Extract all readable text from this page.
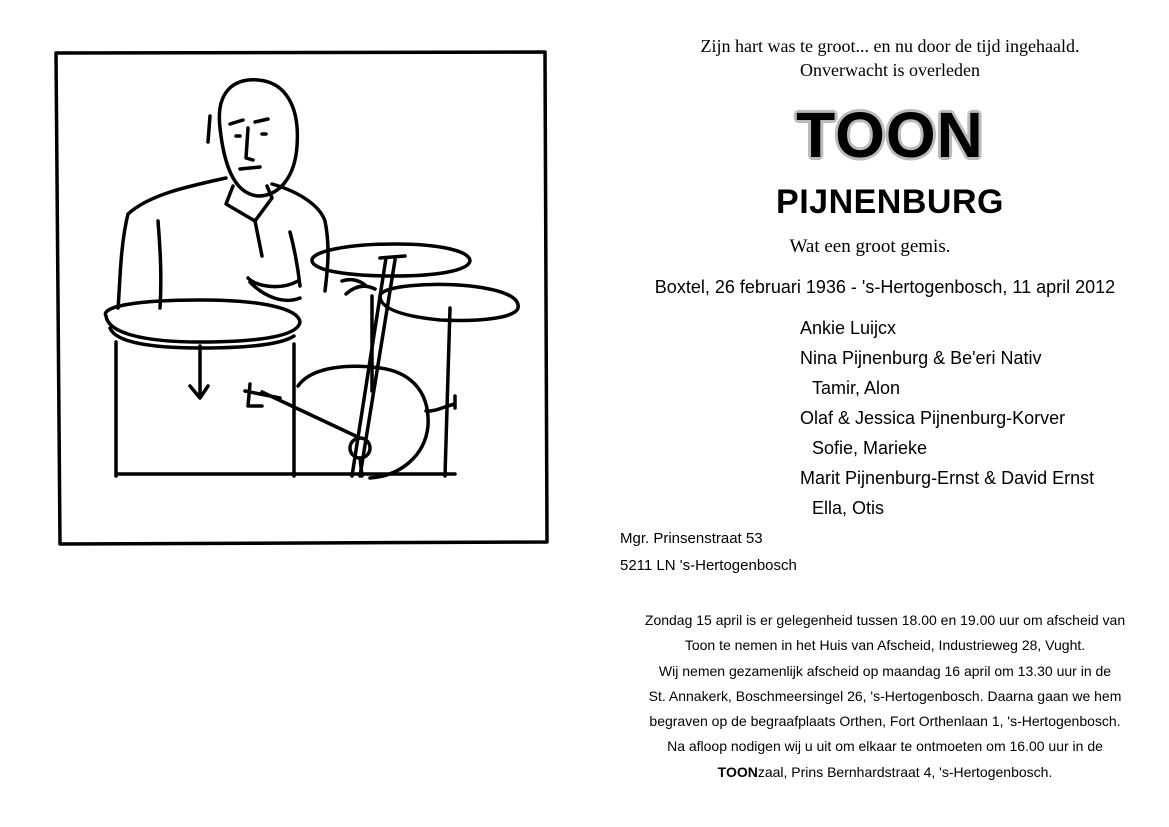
Zijn hart was te groot... en nu door de tijd ingehaald.
Onverwacht is overleden
TOON
PIJNENBURG
Wat een groot gemis.
Boxtel, 26 februari 1936 - 's-Hertogenbosch, 11 april 2012
Ankie Luijcx
Nina Pijnenburg & Be'eri Nativ
Tamir, Alon
Olaf & Jessica Pijnenburg-Korver
Sofie, Marieke
Marit Pijnenburg-Ernst & David Ernst
Ella, Otis
Mgr. Prinsenstraat 53
5211 LN 's-Hertogenbosch

Zondag 15 april is er gelegenheid tussen 18.00 en 19.00 uur om afscheid van

Toon te nemen in het Huis van Afscheid, Industrieweg 28, Vught.

Wij nemen gezamenlijk afscheid op maandag 16 april om 13.30 uur in de

St. Annakerk, Boschmeersingel 26, 's-Hertogenbosch. Daarna gaan we hem

begraven op de begraafplaats Orthen, Fort Orthenlaan 1, 's-Hertogenbosch.

Na afloop nodigen wij u uit om elkaar te ontmoeten om 16.00 uur in de

TOONzaal, Prins Bernhardstraat 4, 's-Hertogenbosch.
